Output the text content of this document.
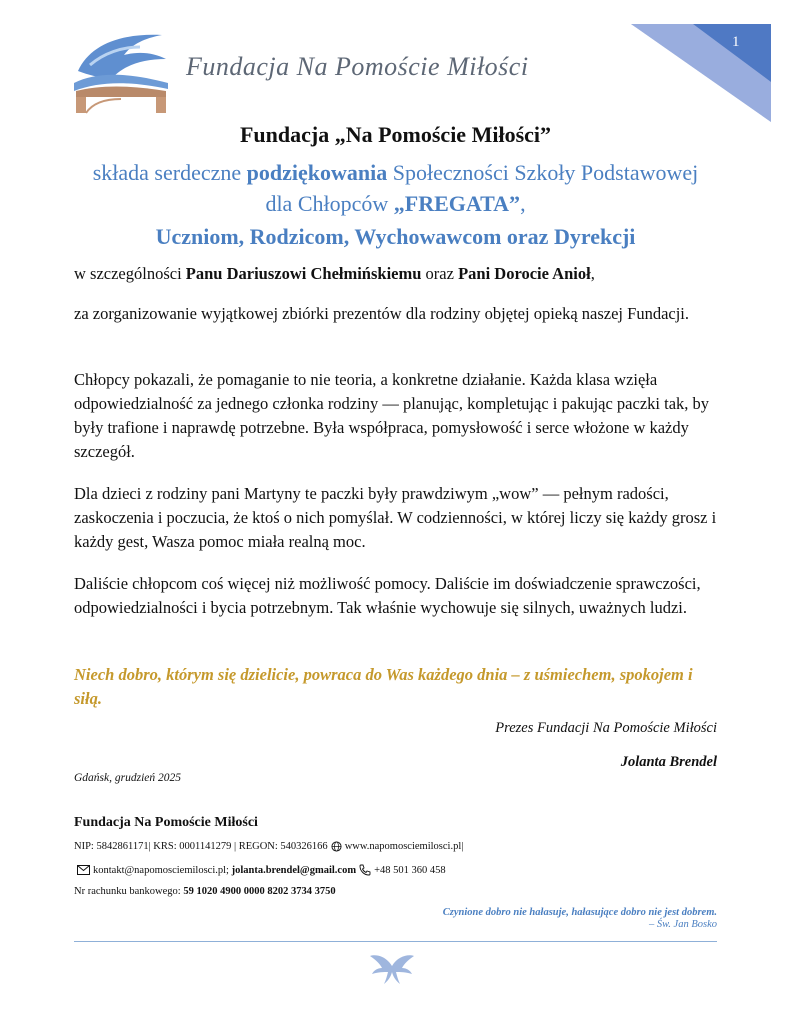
1
Fundacja Na Pomoście Miłości
Fundacja „Na Pomoście Miłości”
składa serdeczne podziękowania Społeczności Szkoły Podstawowej
dla Chłopców „FREGATA”,
Uczniom, Rodzicom, Wychowawcom oraz Dyrekcji
w szczególności Panu Dariuszowi Chełmińskiemu oraz Pani Dorocie Anioł,
za zorganizowanie wyjątkowej zbiórki prezentów dla rodziny objętej opieką naszej Fundacji.
Chłopcy pokazali, że pomaganie to nie teoria, a konkretne działanie. Każda klasa wzięła odpowiedzialność za jednego członka rodziny — planując, kompletując i pakując paczki tak, by były trafione i naprawdę potrzebne. Była współpraca, pomysłowość i serce włożone w każdy szczegół.
Dla dzieci z rodziny pani Martyny te paczki były prawdziwym „wow” — pełnym radości, zaskoczenia i poczucia, że ktoś o nich pomyślał. W codzienności, w której liczy się każdy grosz i każdy gest, Wasza pomoc miała realną moc.
Daliście chłopcom coś więcej niż możliwość pomocy. Daliście im doświadczenie sprawczości, odpowiedzialności i bycia potrzebnym. Tak właśnie wychowuje się silnych, uważnych ludzi.
Niech dobro, którym się dzielicie, powraca do Was każdego dnia – z uśmiechem, spokojem i siłą.
Prezes Fundacji Na Pomoście Miłości
Jolanta Brendel
Gdańsk, grudzień 2025
Fundacja Na Pomoście Miłości
NIP: 5842861171| KRS: 0001141279 | REGON: 540326166 www.napomosciemilosci.pl|
kontakt@napomosciemilosci.pl;
jolanta.brendel@gmail.com +48 501 360 458
Nr rachunku bankowego:
59 1020 4900 0000 8202 3734 3750
Czynione dobro nie hałasuje, hałasujące dobro nie jest dobrem.
– Św. Jan Bosko
